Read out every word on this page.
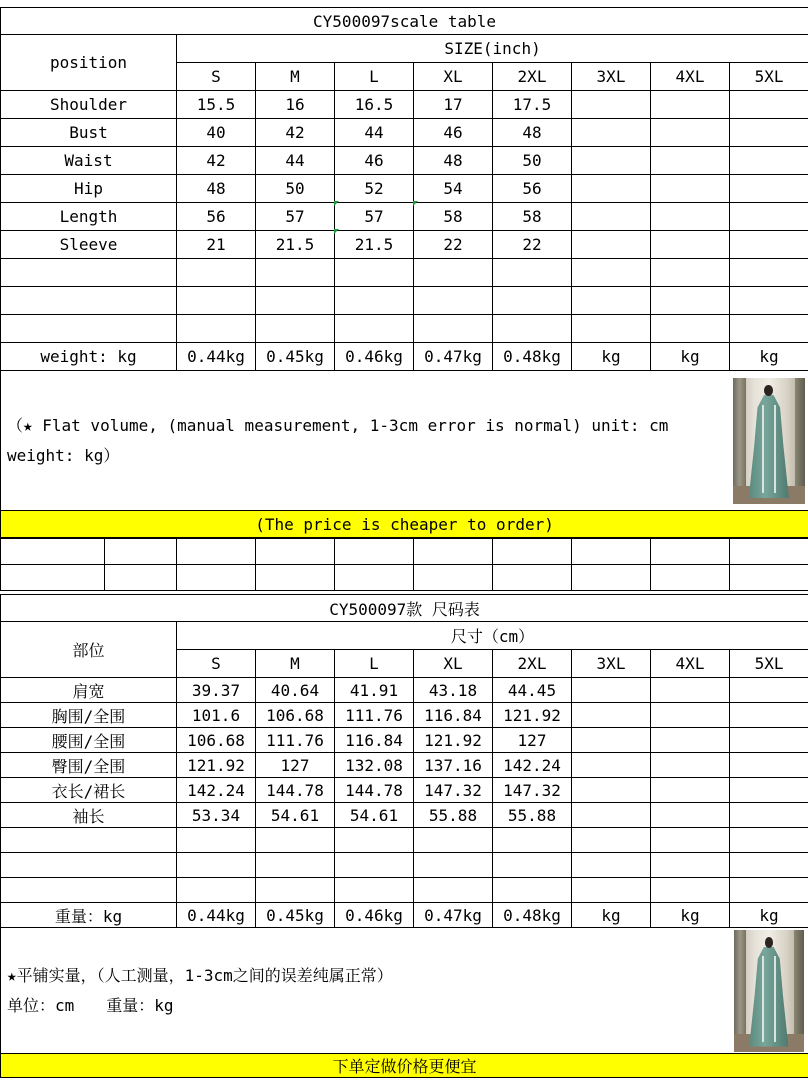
CY500097scale table								
position	SIZE(inch)							
	S	M	L	XL	2XL	3XL	4XL	5XL
Shoulder	15.5	16	16.5	17	17.5			
Bust	40	42	44	46	48			
Waist	42	44	46	48	50			
Hip	48	50	52	54	56			
Length	56	57	57	58	58			
Sleeve	21	21.5	21.5	22	22			

weight: kg	0.44kg	0.45kg	0.46kg	0.47kg	0.48kg	kg	kg	kg
（★ Flat volume, (manual measurement, 1-3cm error is normal) unit: cm weight: kg）								

(The price is cheaper to order)								

CY500097款 尺码表								
部位	尺寸（cm）							
	S	M	L	XL	2XL	3XL	4XL	5XL
肩宽	39.37	40.64	41.91	43.18	44.45			
胸围/全围	101.6	106.68	111.76	116.84	121.92			
腰围/全围	106.68	111.76	116.84	121.92	127			
臀围/全围	121.92	127	132.08	137.16	142.24			
衣长/裙长	142.24	144.78	144.78	147.32	147.32			
袖长	53.34	54.61	54.61	55.88	55.88			

重量：kg	0.44kg	0.45kg	0.46kg	0.47kg	0.48kg	kg	kg	kg

★平铺实量，（人工测量，1-3cm之间的误差纯属正常）
单位：cm　　重量：kg								

下单定做价格更便宜								
